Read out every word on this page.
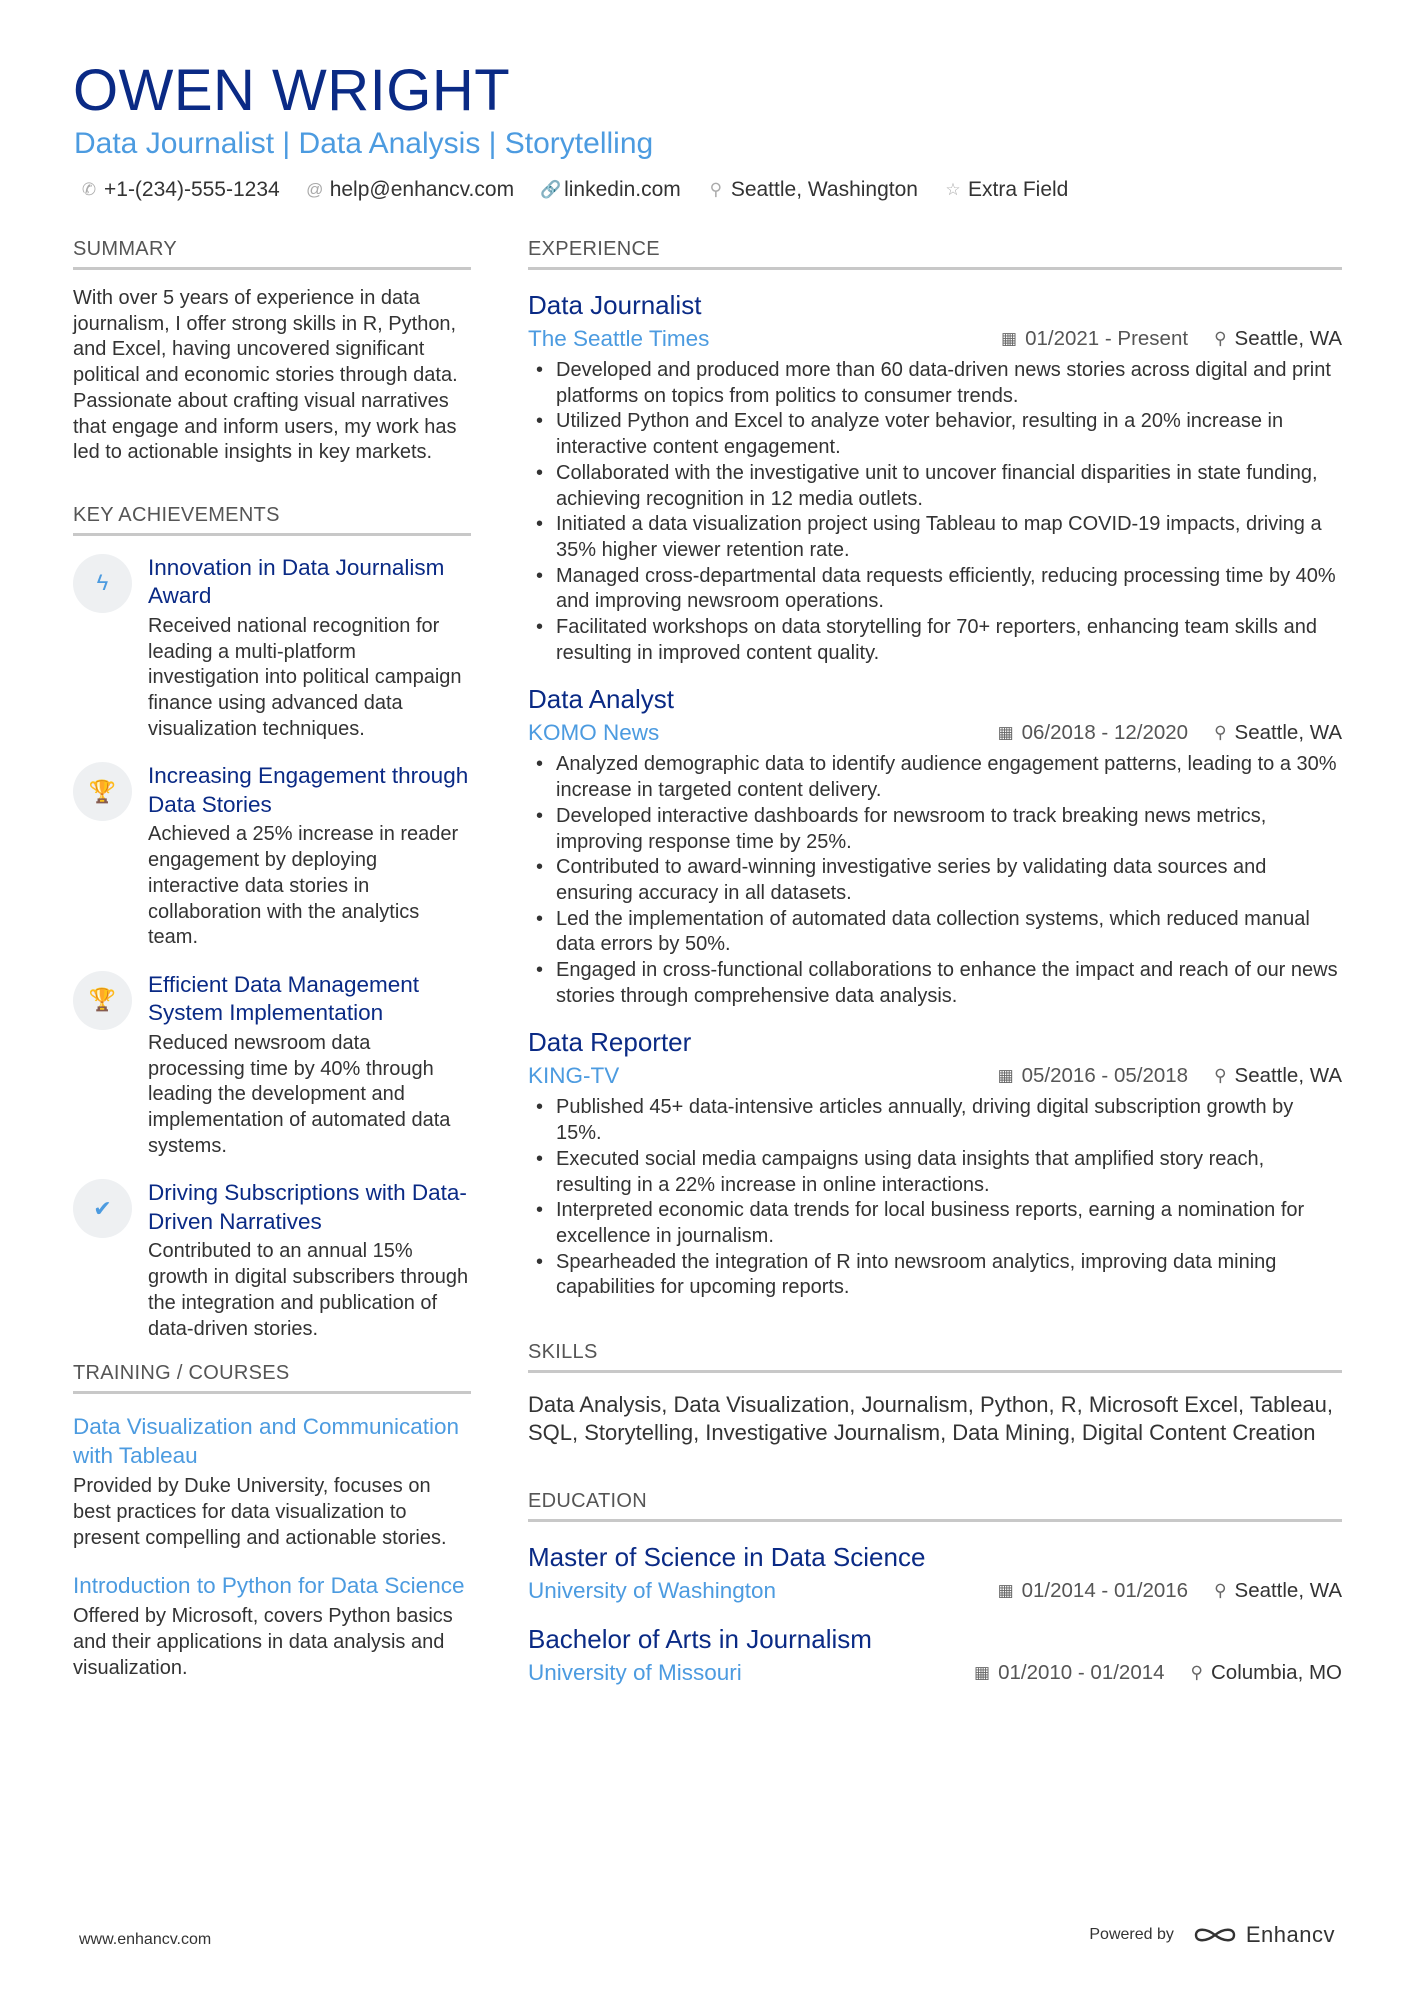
OWEN WRIGHT
Data Journalist | Data Analysis | Storytelling
✆ +1-(234)-555-1234 @ help@enhancv.com 🔗 linkedin.com ⚲ Seattle, Washington ☆ Extra Field
SUMMARY
With over 5 years of experience in data journalism, I offer strong skills in R, Python, and Excel, having uncovered significant political and economic stories through data. Passionate about crafting visual narratives that engage and inform users, my work has led to actionable insights in key markets.
KEY ACHIEVEMENTS
ϟ
Innovation in Data Journalism Award
Received national recognition for leading a multi-platform investigation into political campaign finance using advanced data visualization techniques.
🏆
Increasing Engagement through Data Stories
Achieved a 25% increase in reader engagement by deploying interactive data stories in collaboration with the analytics team.
🏆
Efficient Data Management System Implementation
Reduced newsroom data processing time by 40% through leading the development and implementation of automated data systems.
✔
Driving Subscriptions with Data-Driven Narratives
Contributed to an annual 15% growth in digital subscribers through the integration and publication of data-driven stories.
TRAINING / COURSES
Data Visualization and Communication with Tableau
Provided by Duke University, focuses on best practices for data visualization to present compelling and actionable stories.
Introduction to Python for Data Science
Offered by Microsoft, covers Python basics and their applications in data analysis and visualization.
EXPERIENCE
Data Journalist
The Seattle Times	▦ 01/2021 - Present ⚲ Seattle, WA
• Developed and produced more than 60 data-driven news stories across digital and print platforms on topics from politics to consumer trends.
• Utilized Python and Excel to analyze voter behavior, resulting in a 20% increase in interactive content engagement.
• Collaborated with the investigative unit to uncover financial disparities in state funding, achieving recognition in 12 media outlets.
• Initiated a data visualization project using Tableau to map COVID-19 impacts, driving a 35% higher viewer retention rate.
• Managed cross-departmental data requests efficiently, reducing processing time by 40% and improving newsroom operations.
• Facilitated workshops on data storytelling for 70+ reporters, enhancing team skills and resulting in improved content quality.
Data Analyst
KOMO News	▦ 06/2018 - 12/2020 ⚲ Seattle, WA
• Analyzed demographic data to identify audience engagement patterns, leading to a 30% increase in targeted content delivery.
• Developed interactive dashboards for newsroom to track breaking news metrics, improving response time by 25%.
• Contributed to award-winning investigative series by validating data sources and ensuring accuracy in all datasets.
• Led the implementation of automated data collection systems, which reduced manual data errors by 50%.
• Engaged in cross-functional collaborations to enhance the impact and reach of our news stories through comprehensive data analysis.
Data Reporter
KING-TV	▦ 05/2016 - 05/2018 ⚲ Seattle, WA
• Published 45+ data-intensive articles annually, driving digital subscription growth by 15%.
• Executed social media campaigns using data insights that amplified story reach, resulting in a 22% increase in online interactions.
• Interpreted economic data trends for local business reports, earning a nomination for excellence in journalism.
• Spearheaded the integration of R into newsroom analytics, improving data mining capabilities for upcoming reports.
SKILLS
Data Analysis, Data Visualization, Journalism, Python, R, Microsoft Excel, Tableau, SQL, Storytelling, Investigative Journalism, Data Mining, Digital Content Creation
EDUCATION
Master of Science in Data Science
University of Washington	▦ 01/2014 - 01/2016 ⚲ Seattle, WA
Bachelor of Arts in Journalism
University of Missouri	▦ 01/2010 - 01/2014 ⚲ Columbia, MO
www.enhancv.com	Powered by	Enhancv
